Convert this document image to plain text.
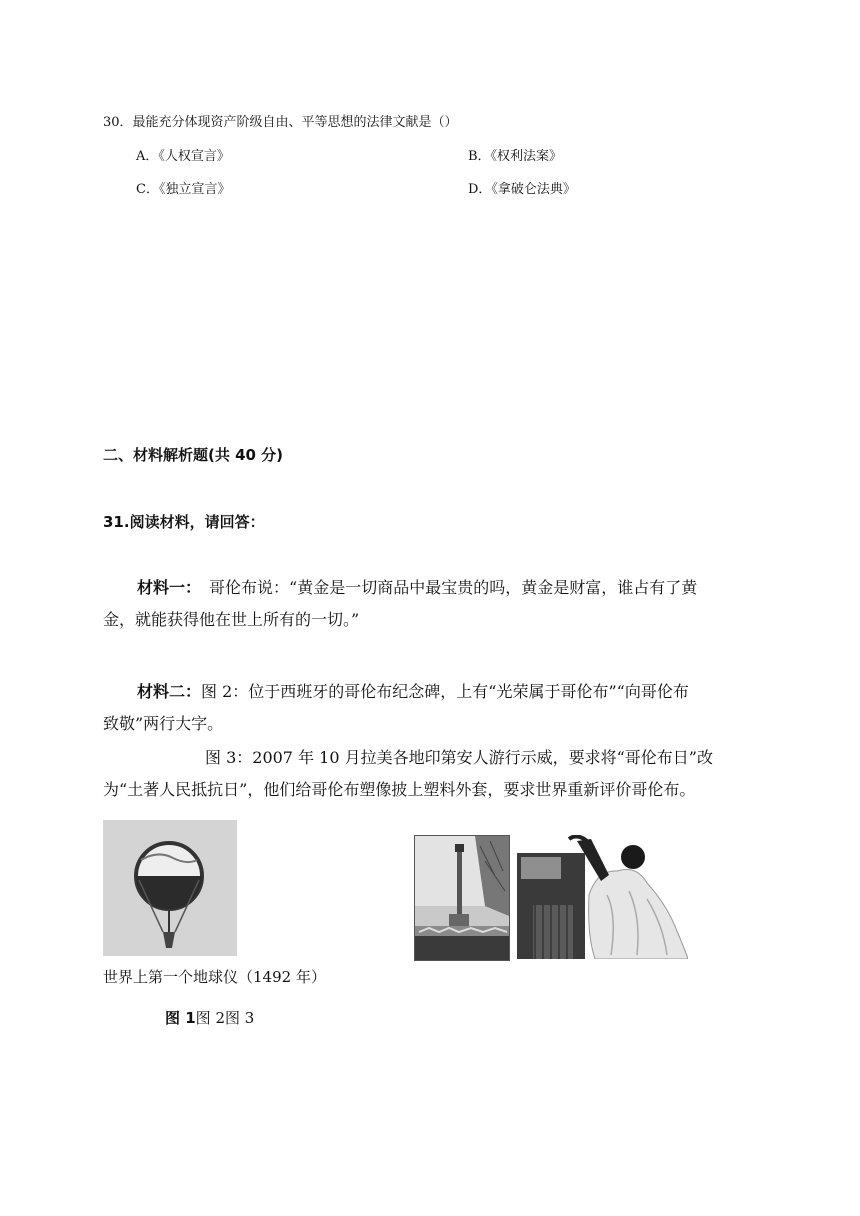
30．最能充分体现资产阶级自由、平等思想的法律文献是（）
A．《人权宣言》	B．《权利法案》
C．《独立宣言》	D．《拿破仑法典》
二、材料解析题(共 40 分)
31.阅读材料，请回答：
材料一： 哥伦布说：“黄金是一切商品中最宝贵的吗，黄金是财富，谁占有了黄
金，就能获得他在世上所有的一切。”
材料二：图 2：位于西班牙的哥伦布纪念碑，上有“光荣属于哥伦布”“向哥伦布
致敬”两行大字。
图 3：2007 年 10 月拉美各地印第安人游行示威，要求将“哥伦布日”改
为“土著人民抵抗日”，他们给哥伦布塑像披上塑料外套，要求世界重新评价哥伦布。
世界上第一个地球仪（1492 年）
图 1图 2图 3
